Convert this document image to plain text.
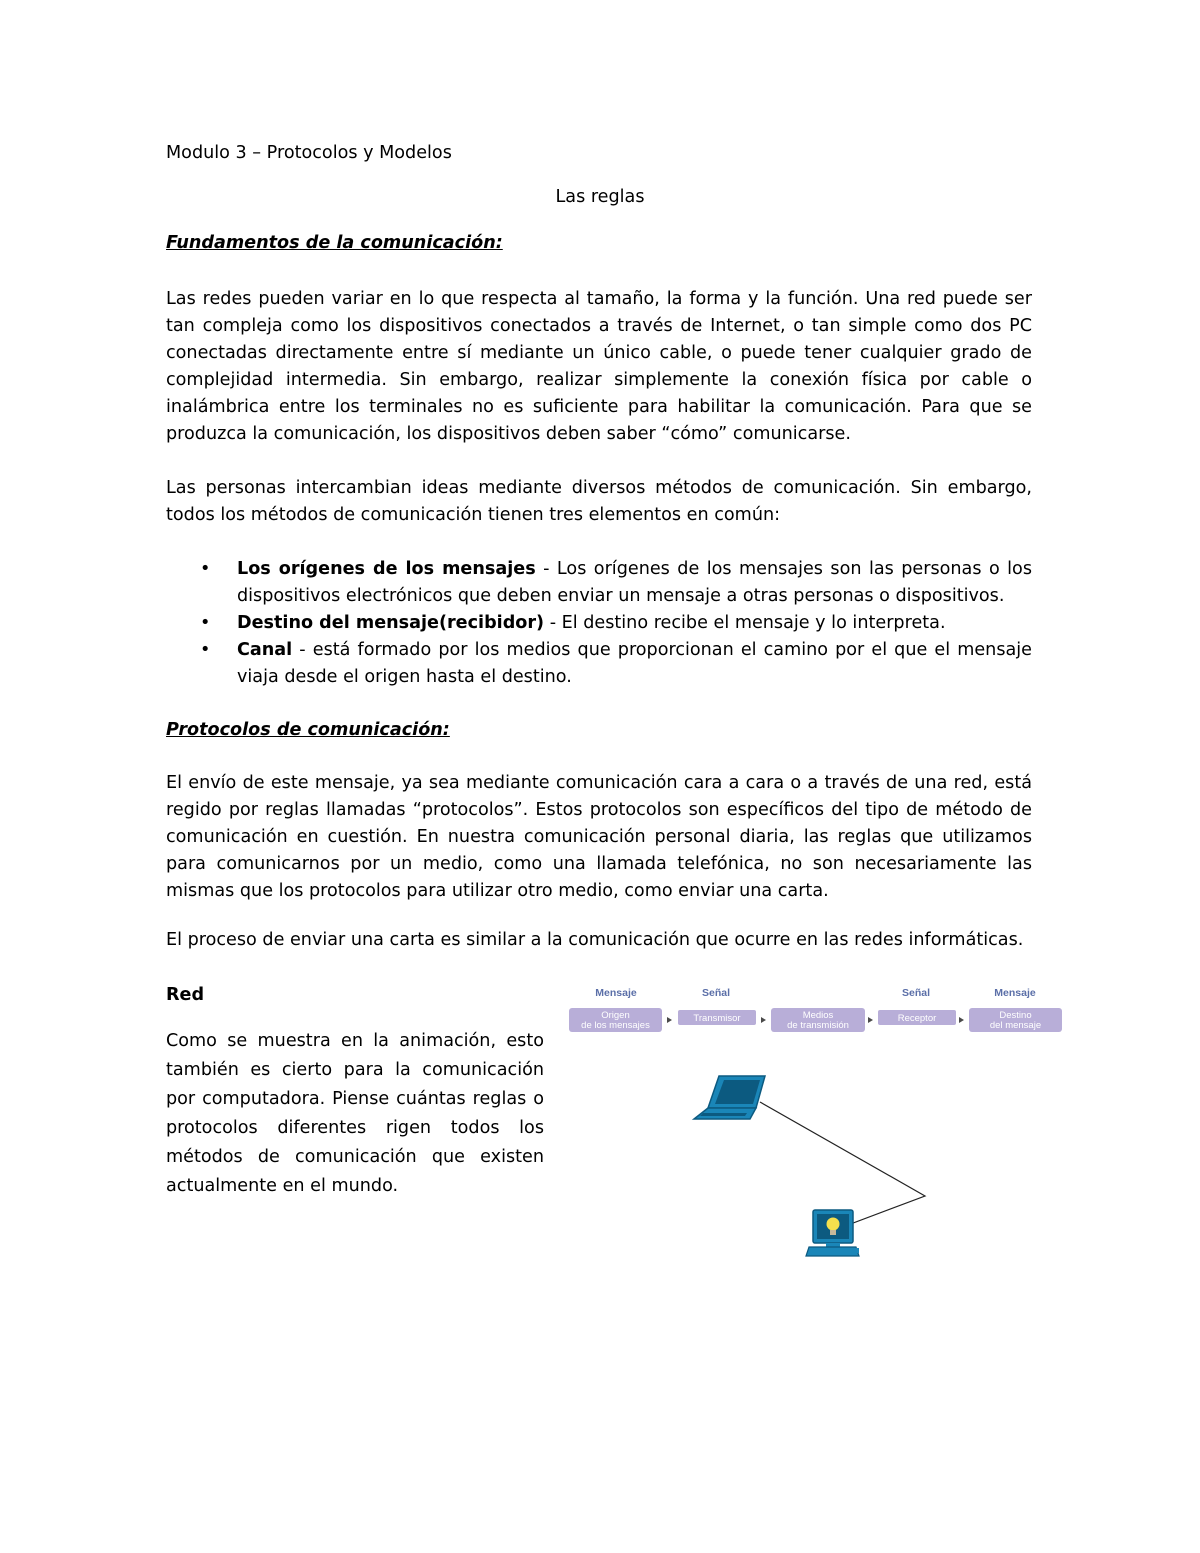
Modulo 3 – Protocolos y Modelos
Las reglas
Fundamentos de la comunicación:
Las redes pueden variar en lo que respecta al tamaño, la forma y la función. Una red puede ser tan compleja como los dispositivos conectados a través de Internet, o tan simple como dos PC conectadas directamente entre sí mediante un único cable, o puede tener cualquier grado de complejidad intermedia. Sin embargo, realizar simplemente la conexión física por cable o inalámbrica entre los terminales no es suficiente para habilitar la comunicación. Para que se produzca la comunicación, los dispositivos deben saber “cómo” comunicarse.
Las personas intercambian ideas mediante diversos métodos de comunicación. Sin embargo, todos los métodos de comunicación tienen tres elementos en común:
• Los orígenes de los mensajes - Los orígenes de los mensajes son las personas o los dispositivos electrónicos que deben enviar un mensaje a otras personas o dispositivos.
• Destino del mensaje(recibidor) - El destino recibe el mensaje y lo interpreta.
• Canal - está formado por los medios que proporcionan el camino por el que el mensaje viaja desde el origen hasta el destino.
Protocolos de comunicación:
El envío de este mensaje, ya sea mediante comunicación cara a cara o a través de una red, está regido por reglas llamadas “protocolos”. Estos protocolos son específicos del tipo de método de comunicación en cuestión. En nuestra comunicación personal diaria, las reglas que utilizamos para comunicarnos por un medio, como una llamada telefónica, no son necesariamente las mismas que los protocolos para utilizar otro medio, como enviar una carta.
El proceso de enviar una carta es similar a la comunicación que ocurre en las redes informáticas.
Red
Como se muestra en la animación, esto también es cierto para la comunicación por computadora. Piense cuántas reglas o protocolos diferentes rigen todos los métodos de comunicación que existen actualmente en el mundo.
Mensaje	Señal	Señal	Mensaje
Origen
de los mensajes
Transmisor	Medios
de transmisión
Receptor	Destino
del mensaje
